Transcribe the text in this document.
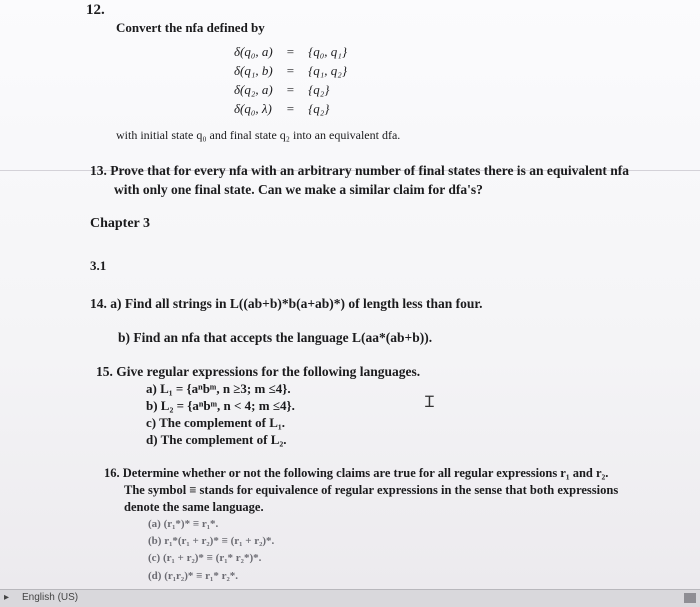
12.
Convert the nfa defined by
δ(q₀, a)	=	{q₀, q₁}
δ(q₁, b)	=	{q₁, q₂}
δ(q₂, a)	=	{q₂}
δ(q₀, λ)	=	{q₂}
with initial state q₀ and final state q₂ into an equivalent dfa.
13. Prove that for every nfa with an arbitrary number of final states there is an equivalent nfa
with only one final state. Can we make a similar claim for dfa's?
Chapter 3
3.1
14. a) Find all strings in L((ab+b)*b(a+ab)*) of length less than four.
b) Find an nfa that accepts the language L(aa*(ab+b)).
15. Give regular expressions for the following languages.
a) L₁ = {aⁿbᵐ, n ≥3; m ≤4}.
b) L₂ = {aⁿbᵐ, n < 4; m ≤4}.
c) The complement of L₁.
d) The complement of L₂.
Ɪ
16. Determine whether or not the following claims are true for all regular expressions r₁ and r₂.
The symbol ≡ stands for equivalence of regular expressions in the sense that both expressions
denote the same language.
(a) (r₁*)* ≡ r₁*.
(b) r₁*(r₁ + r₂)* ≡ (r₁ + r₂)*.
(c) (r₁ + r₂)* ≡ (r₁* r₂*)*.
(d) (r₁r₂)* ≡ r₁* r₂*.
▸ English (US)
